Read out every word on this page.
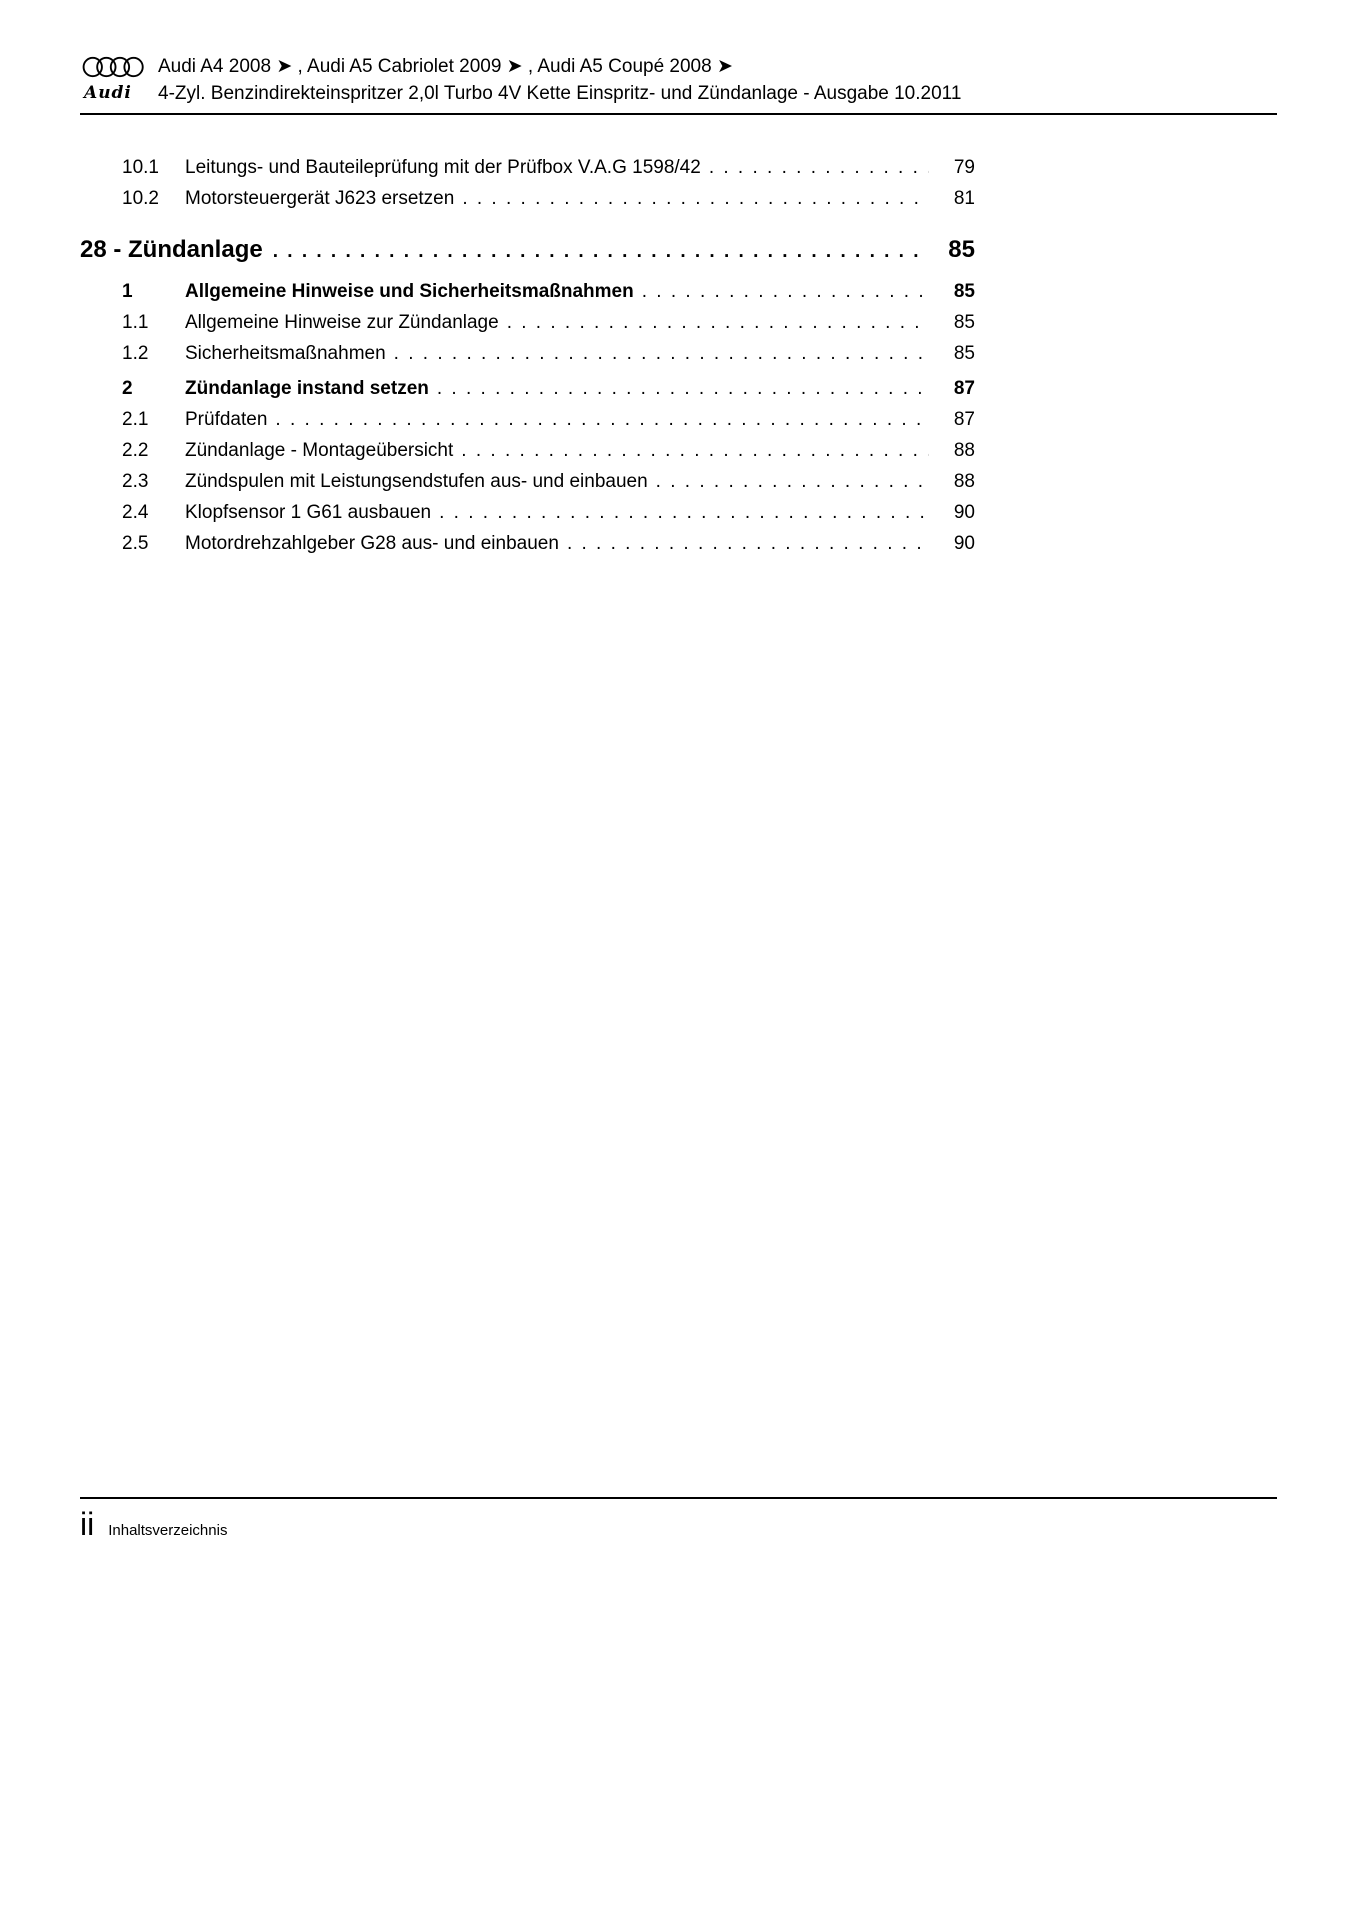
Audi A4 2008 ➤ , Audi A5 Cabriolet 2009 ➤ , Audi A5 Coupé 2008 ➤
Audi	4-Zyl. Benzindirekteinspritzer 2,0l Turbo 4V Kette Einspritz- und Zündanlage - Ausgabe 10.2011
10.1	Leitungs- und Bauteileprüfung mit der Prüfbox V.A.G 1598/42 . . .	79
10.2	Motorsteuergerät J623 ersetzen . . .	81
28 - Zündanlage . . .	85
1	Allgemeine Hinweise und Sicherheitsmaßnahmen . . .	85
1.1	Allgemeine Hinweise zur Zündanlage . . .	85
1.2	Sicherheitsmaßnahmen . . .	85
2	Zündanlage instand setzen . . .	87
2.1	Prüfdaten . . .	87
2.2	Zündanlage - Montageübersicht . . .	88
2.3	Zündspulen mit Leistungsendstufen aus- und einbauen . . .	88
2.4	Klopfsensor 1 G61 ausbauen . . .	90
2.5	Motordrehzahlgeber G28 aus- und einbauen . . .	90
ii Inhaltsverzeichnis
